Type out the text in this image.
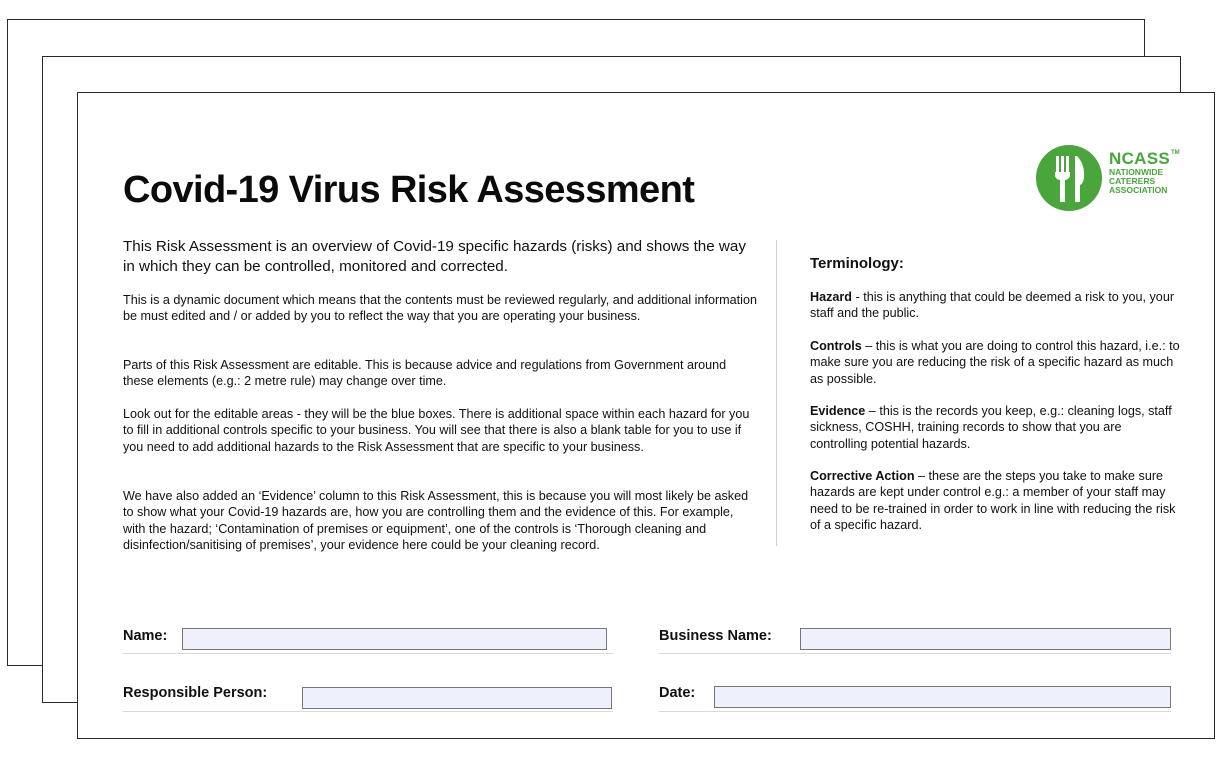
NCASS™
NATIONWIDE
CATERERS
ASSOCIATION
Covid-19 Virus Risk Assessment

This Risk Assessment is an overview of Covid-19 specific hazards (risks) and shows the way in which they can be controlled, monitored and corrected.

This is a dynamic document which means that the contents must be reviewed regularly, and additional information be must edited and / or added by you to reflect the way that you are operating your business.

Parts of this Risk Assessment are editable. This is because advice and regulations from Government around these elements (e.g.: 2 metre rule) may change over time.

Look out for the editable areas - they will be the blue boxes. There is additional space within each hazard for you to fill in additional controls specific to your business. You will see that there is also a blank table for you to use if you need to add additional hazards to the Risk Assessment that are specific to your business.

We have also added an ‘Evidence’ column to this Risk Assessment, this is because you will most likely be asked to show what your Covid-19 hazards are, how you are controlling them and the evidence of this. For example, with the hazard; ‘Contamination of premises or equipment’, one of the controls is ‘Thorough cleaning and disinfection/sanitising of premises’, your evidence here could be your cleaning record.

Terminology:

Hazard - this is anything that could be deemed a risk to you, your staff and the public.

Controls – this is what you are doing to control this hazard, i.e.: to make sure you are reducing the risk of a specific hazard as much as possible.

Evidence – this is the records you keep, e.g.: cleaning logs, staff sickness, COSHH, training records to show that you are controlling potential hazards.

Corrective Action – these are the steps you take to make sure hazards are kept under control e.g.: a member of your staff may need to be re-trained in order to work in line with reducing the risk of a specific hazard.

Name:	Business Name:
Responsible Person:	Date:
